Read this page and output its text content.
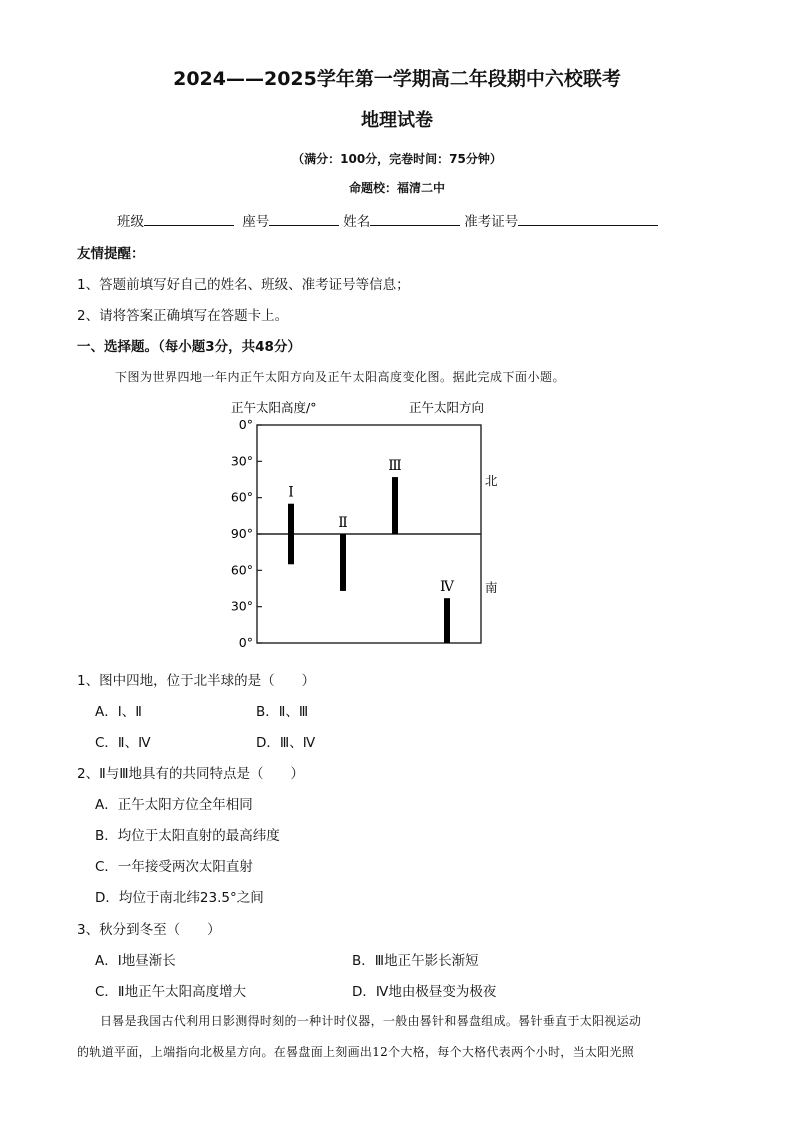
2024——2025学年第一学期高二年段期中六校联考
地理试卷
（满分：100分，完卷时间：75分钟）
命题校：福清二中
班级	座号	姓名	准考证号
友情提醒：
1、答题前填写好自己的姓名、班级、准考证号等信息；
2、请将答案正确填写在答题卡上。
一、选择题。（每小题3分，共48分）
下图为世界四地一年内正午太阳方向及正午太阳高度变化图。据此完成下面小题。
正午太阳高度/°	正午太阳方向
0°
30°
60°
90°
60°
30°
0°
Ⅰ
Ⅱ
Ⅲ
Ⅳ
北
南
1、图中四地，位于北半球的是（　　）
A．Ⅰ、Ⅱ	B．Ⅱ、Ⅲ
C．Ⅱ、Ⅳ	D．Ⅲ、Ⅳ
2、Ⅱ与Ⅲ地具有的共同特点是（　　）
A．正午太阳方位全年相同
B．均位于太阳直射的最高纬度
C．一年接受两次太阳直射
D．均位于南北纬23.5°之间
3、秋分到冬至（　　）
A．Ⅰ地昼渐长	B．Ⅲ地正午影长渐短
C．Ⅱ地正午太阳高度增大	D．Ⅳ地由极昼变为极夜
日晷是我国古代利用日影测得时刻的一种计时仪器，一般由晷针和晷盘组成。晷针垂直于太阳视运动
的轨道平面，上端指向北极星方向。在晷盘面上刻画出12个大格，每个大格代表两个小时，当太阳光照
